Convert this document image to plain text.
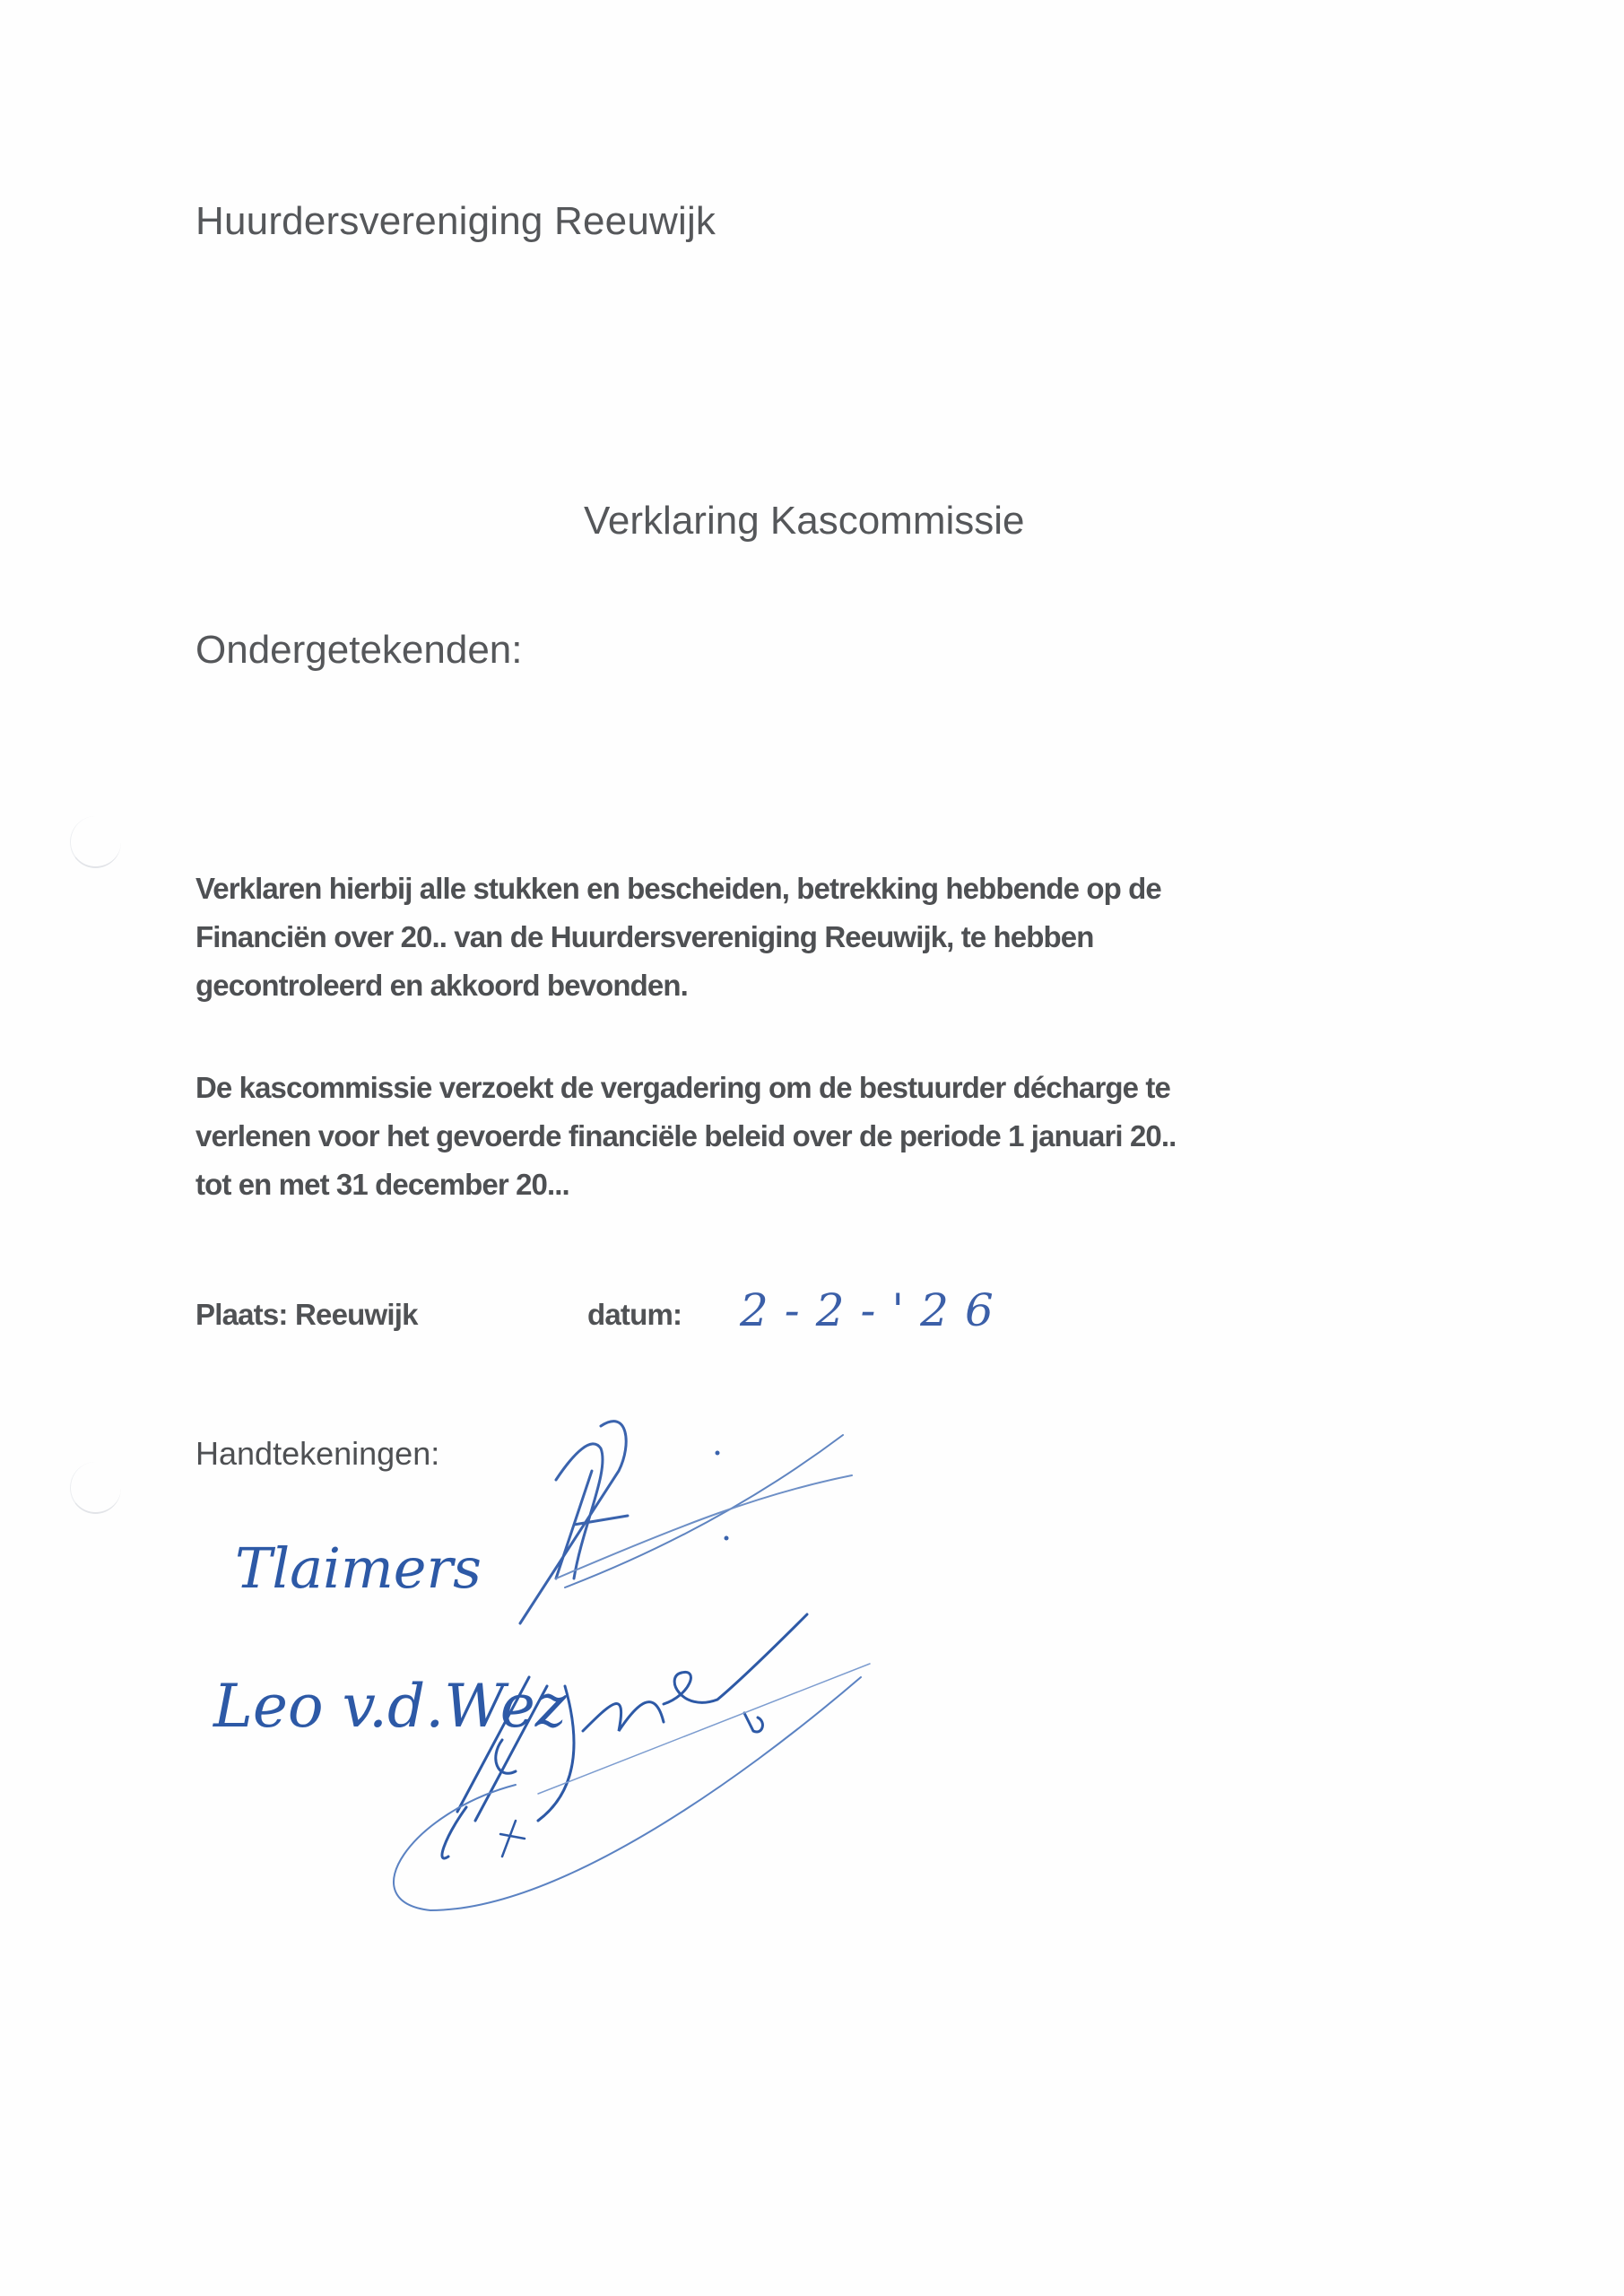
Huurdersvereniging Reeuwijk
Verklaring Kascommissie
Ondergetekenden:
Verklaren hierbij alle stukken en bescheiden, betrekking hebbende op de
Financiën over 20.. van de Huurdersvereniging Reeuwijk, te hebben
gecontroleerd en akkoord bevonden.
De kascommissie verzoekt de vergadering om de bestuurder décharge te
verlenen voor het gevoerde financiële beleid over de periode 1 januari 20..
tot en met 31 december 20...
Plaats: Reeuwijk	datum: 2-2-'26
Handtekeningen:
Tlaimers
Leo v.d.Wez
